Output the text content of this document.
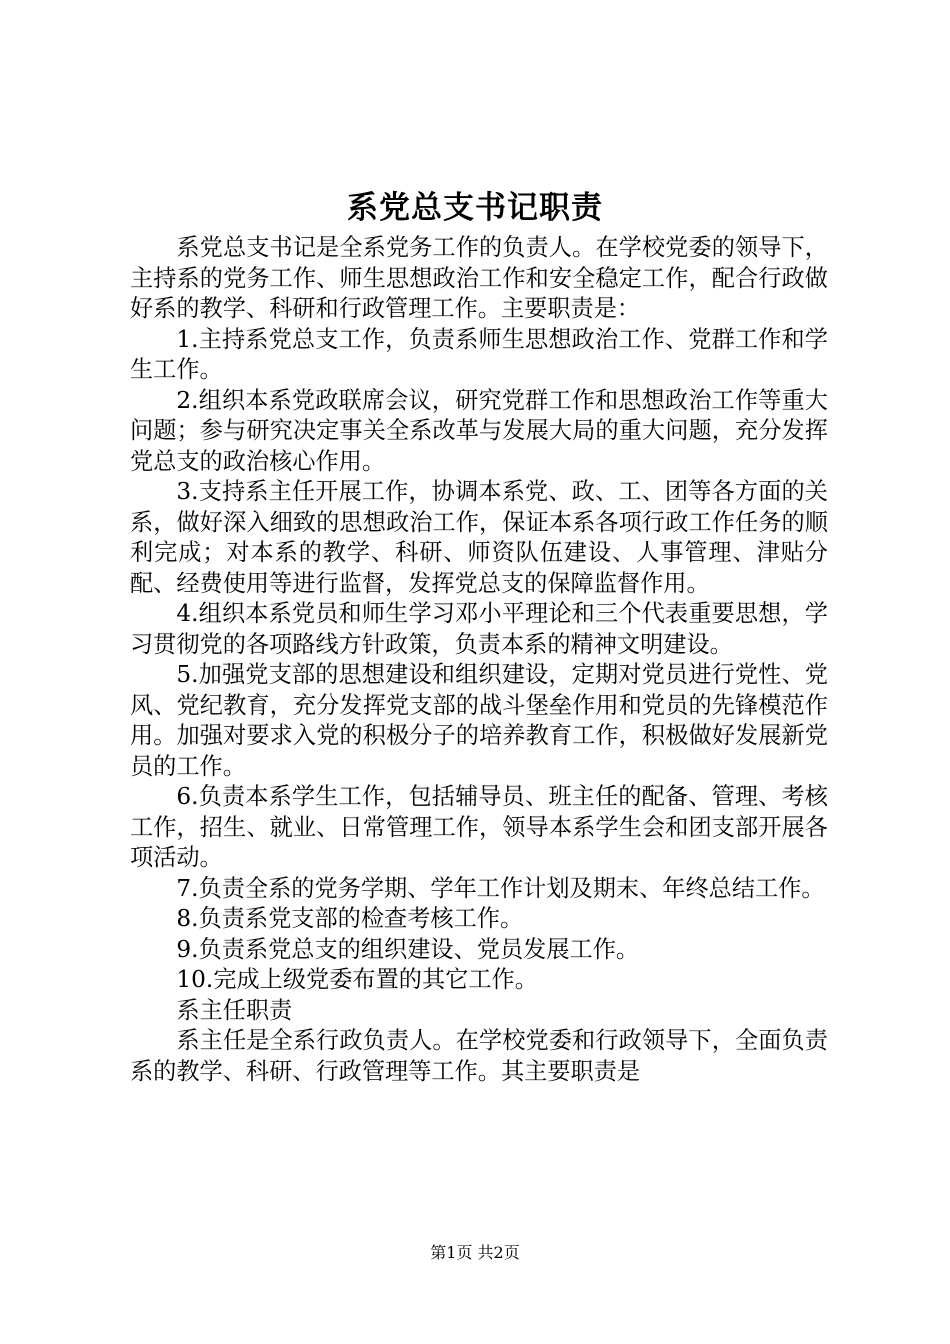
系党总支书记职责

系党总支书记是全系党务工作的负责人。在学校党委的领导下，主持系的党务工作、师生思想政治工作和安全稳定工作，配合行政做好系的教学、科研和行政管理工作。主要职责是：

1.主持系党总支工作，负责系师生思想政治工作、党群工作和学生工作。

2.组织本系党政联席会议，研究党群工作和思想政治工作等重大问题；参与研究决定事关全系改革与发展大局的重大问题，充分发挥党总支的政治核心作用。

3.支持系主任开展工作，协调本系党、政、工、团等各方面的关系，做好深入细致的思想政治工作，保证本系各项行政工作任务的顺利完成；对本系的教学、科研、师资队伍建设、人事管理、津贴分配、经费使用等进行监督，发挥党总支的保障监督作用。

4.组织本系党员和师生学习邓小平理论和三个代表重要思想，学习贯彻党的各项路线方针政策，负责本系的精神文明建设。

5.加强党支部的思想建设和组织建设，定期对党员进行党性、党风、党纪教育，充分发挥党支部的战斗堡垒作用和党员的先锋模范作用。加强对要求入党的积极分子的培养教育工作，积极做好发展新党员的工作。

6.负责本系学生工作，包括辅导员、班主任的配备、管理、考核工作，招生、就业、日常管理工作，领导本系学生会和团支部开展各项活动。

7.负责全系的党务学期、学年工作计划及期末、年终总结工作。

8.负责系党支部的检查考核工作。

9.负责系党总支的组织建设、党员发展工作。

10.完成上级党委布置的其它工作。

系主任职责

系主任是全系行政负责人。在学校党委和行政领导下，全面负责系的教学、科研、行政管理等工作。其主要职责是

第1页 共2页
